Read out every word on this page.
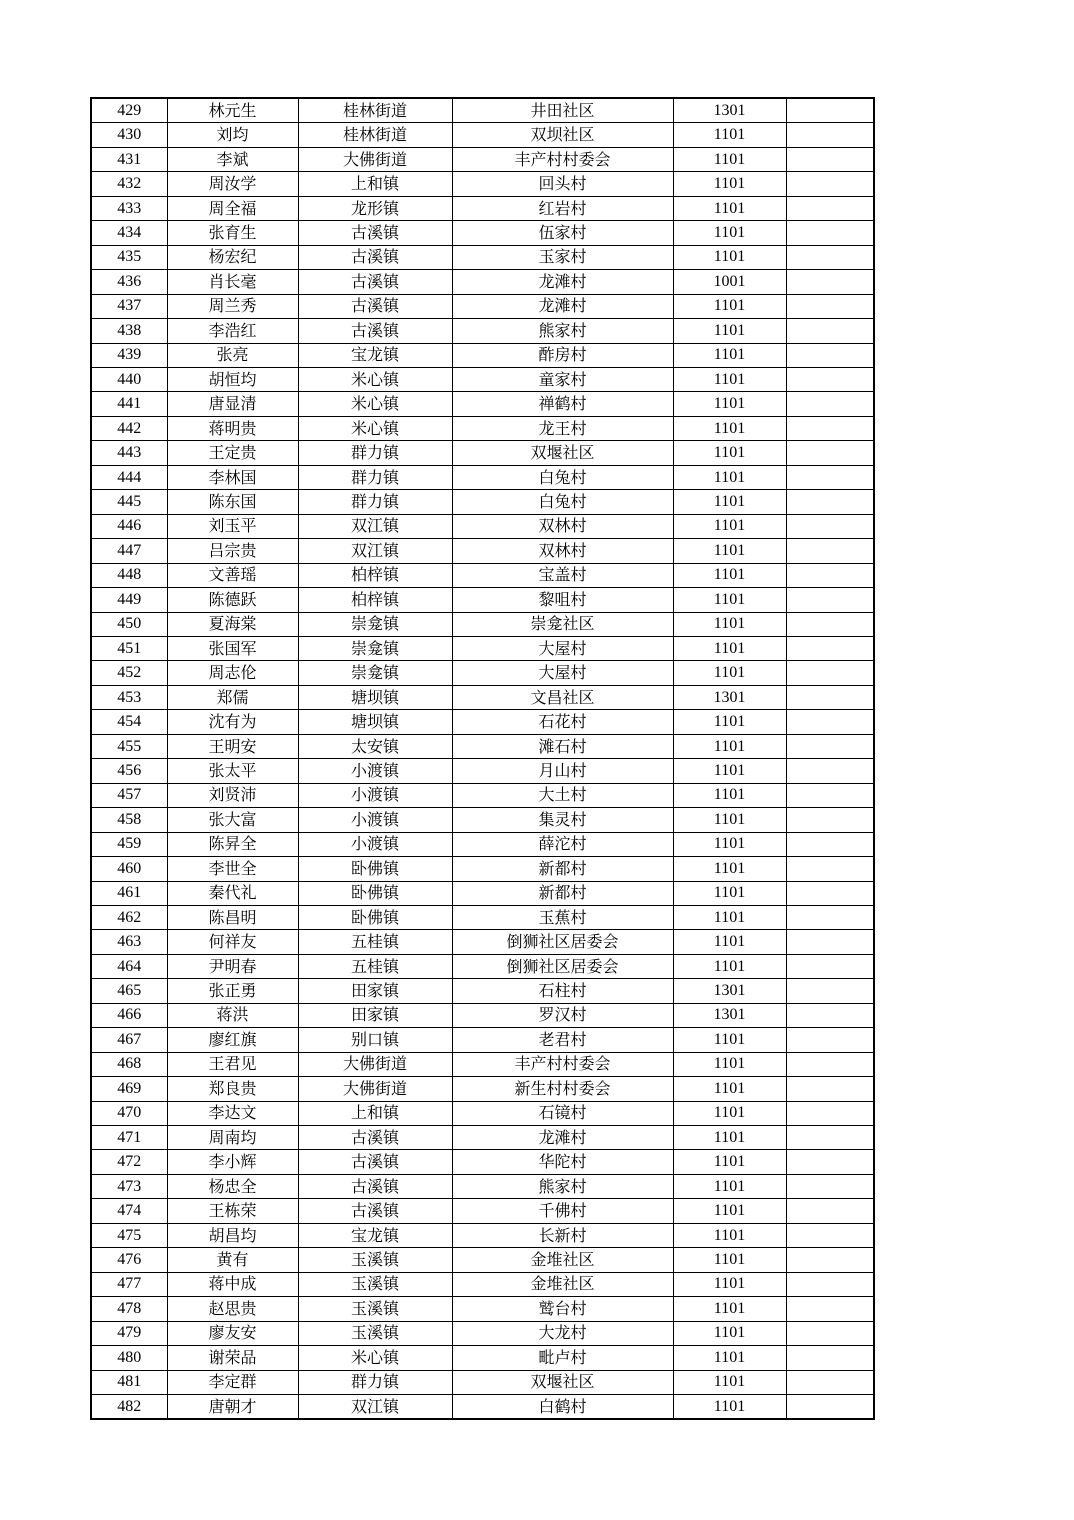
429	林元生	桂林街道	井田社区	1301	
430	刘均	桂林街道	双坝社区	1101	
431	李斌	大佛街道	丰产村村委会	1101	
432	周汝学	上和镇	回头村	1101	
433	周全福	龙形镇	红岩村	1101	
434	张育生	古溪镇	伍家村	1101	
435	杨宏纪	古溪镇	玉家村	1101	
436	肖长毫	古溪镇	龙滩村	1001	
437	周兰秀	古溪镇	龙滩村	1101	
438	李浩红	古溪镇	熊家村	1101	
439	张亮	宝龙镇	酢房村	1101	
440	胡恒均	米心镇	童家村	1101	
441	唐显清	米心镇	禅鹤村	1101	
442	蒋明贵	米心镇	龙王村	1101	
443	王定贵	群力镇	双堰社区	1101	
444	李林国	群力镇	白兔村	1101	
445	陈东国	群力镇	白兔村	1101	
446	刘玉平	双江镇	双林村	1101	
447	吕宗贵	双江镇	双林村	1101	
448	文善瑶	柏梓镇	宝盖村	1101	
449	陈德跃	柏梓镇	黎咀村	1101	
450	夏海棠	崇龛镇	崇龛社区	1101	
451	张国军	崇龛镇	大屋村	1101	
452	周志伦	崇龛镇	大屋村	1101	
453	郑儒	塘坝镇	文昌社区	1301	
454	沈有为	塘坝镇	石花村	1101	
455	王明安	太安镇	滩石村	1101	
456	张太平	小渡镇	月山村	1101	
457	刘贤沛	小渡镇	大土村	1101	
458	张大富	小渡镇	集灵村	1101	
459	陈昇全	小渡镇	薛沱村	1101	
460	李世全	卧佛镇	新都村	1101	
461	秦代礼	卧佛镇	新都村	1101	
462	陈昌明	卧佛镇	玉蕉村	1101	
463	何祥友	五桂镇	倒狮社区居委会	1101	
464	尹明春	五桂镇	倒狮社区居委会	1101	
465	张正勇	田家镇	石柱村	1301	
466	蒋洪	田家镇	罗汉村	1301	
467	廖红旗	别口镇	老君村	1101	
468	王君见	大佛街道	丰产村村委会	1101	
469	郑良贵	大佛街道	新生村村委会	1101	
470	李达文	上和镇	石镜村	1101	
471	周南均	古溪镇	龙滩村	1101	
472	李小辉	古溪镇	华陀村	1101	
473	杨忠全	古溪镇	熊家村	1101	
474	王栋荣	古溪镇	千佛村	1101	
475	胡昌均	宝龙镇	长新村	1101	
476	黄有	玉溪镇	金堆社区	1101	
477	蒋中成	玉溪镇	金堆社区	1101	
478	赵思贵	玉溪镇	鹫台村	1101	
479	廖友安	玉溪镇	大龙村	1101	
480	谢荣品	米心镇	毗卢村	1101	
481	李定群	群力镇	双堰社区	1101	
482	唐朝才	双江镇	白鹤村	1101	
